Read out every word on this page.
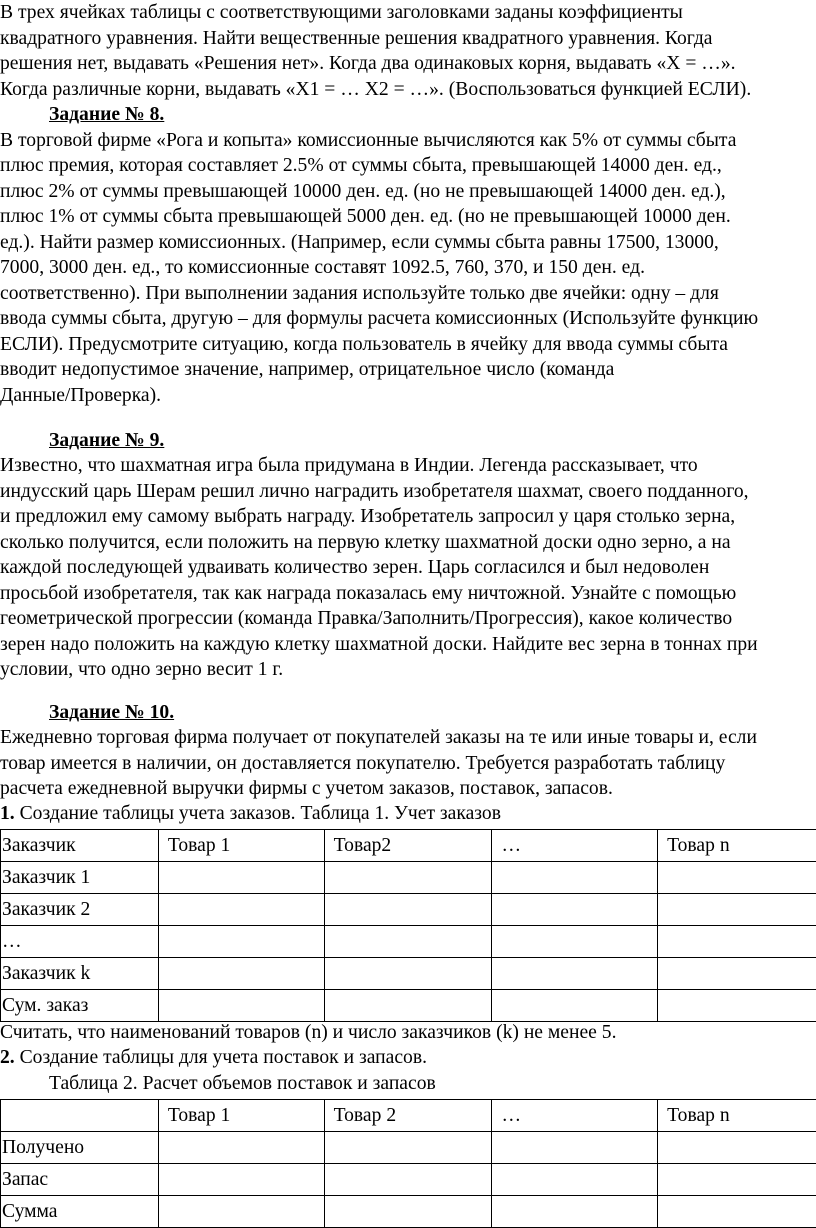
В трех ячейках таблицы с соответствующими заголовками заданы коэффициенты
квадратного уравнения. Найти вещественные решения квадратного уравнения. Когда
решения нет, выдавать «Решения нет». Когда два одинаковых корня, выдавать «Х = …».
Когда различные корни, выдавать «Х1 = … Х2 = …». (Воспользоваться функцией ЕСЛИ).
Задание № 8.
В торговой фирме «Рога и копыта» комиссионные вычисляются как 5% от суммы сбыта
плюс премия, которая составляет 2.5% от суммы сбыта, превышающей 14000 ден. ед.,
плюс 2% от суммы превышающей 10000 ден. ед. (но не превышающей 14000 ден. ед.),
плюс 1% от суммы сбыта превышающей 5000 ден. ед. (но не превышающей 10000 ден.
ед.). Найти размер комиссионных. (Например, если суммы сбыта равны 17500, 13000,
7000, 3000 ден. ед., то комиссионные составят 1092.5, 760, 370, и 150 ден. ед.
соответственно). При выполнении задания используйте только две ячейки: одну – для
ввода суммы сбыта, другую – для формулы расчета комиссионных (Используйте функцию
ЕСЛИ). Предусмотрите ситуацию, когда пользователь в ячейку для ввода суммы сбыта
вводит недопустимое значение, например, отрицательное число (команда
Данные/Проверка).
Задание № 9.
Известно, что шахматная игра была придумана в Индии. Легенда рассказывает, что
индусский царь Шерам решил лично наградить изобретателя шахмат, своего подданного,
и предложил ему самому выбрать награду. Изобретатель запросил у царя столько зерна,
сколько получится, если положить на первую клетку шахматной доски одно зерно, а на
каждой последующей удваивать количество зерен. Царь согласился и был недоволен
просьбой изобретателя, так как награда показалась ему ничтожной. Узнайте с помощью
геометрической прогрессии (команда Правка/Заполнить/Прогрессия), какое количество
зерен надо положить на каждую клетку шахматной доски. Найдите вес зерна в тоннах при
условии, что одно зерно весит 1 г.
Задание № 10.
Ежедневно торговая фирма получает от покупателей заказы на те или иные товары и, если
товар имеется в наличии, он доставляется покупателю. Требуется разработать таблицу
расчета ежедневной выручки фирмы с учетом заказов, поставок, запасов.
1. Создание таблицы учета заказов. Таблица 1. Учет заказов
Заказчик	Товар 1	Товар2	…	Товар n
Заказчик 1				
Заказчик 2				
…				
Заказчик k				
Сум. заказ				
Считать, что наименований товаров (n) и число заказчиков (k) не менее 5.
2. Создание таблицы для учета поставок и запасов.
Таблица 2. Расчет объемов поставок и запасов
	Товар 1	Товар 2	…	Товар n
Получено				
Запас				
Сумма				
